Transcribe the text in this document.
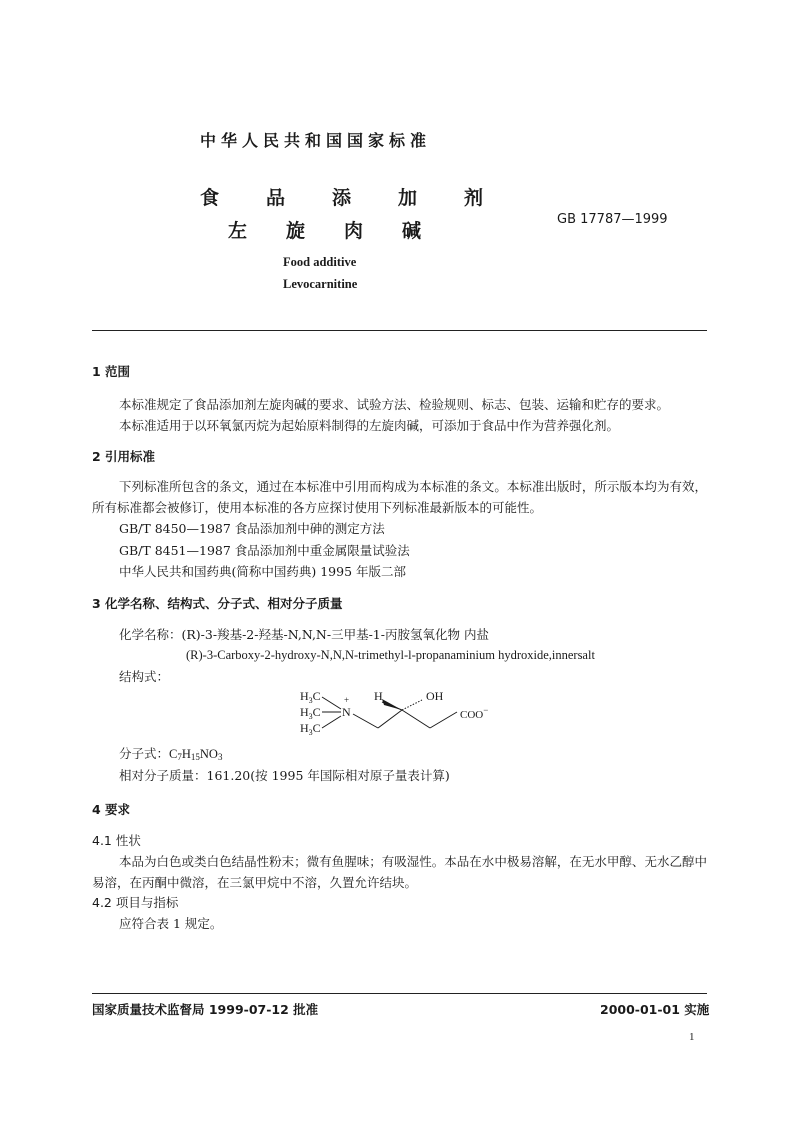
中华人民共和国国家标准
食 品 添 加 剂
左 旋 肉 碱
GB 17787—1999
Food additive
Levocarnitine
1 范围
本标准规定了食品添加剂左旋肉碱的要求、试验方法、检验规则、标志、包装、运输和贮存的要求。
本标准适用于以环氧氯丙烷为起始原料制得的左旋肉碱，可添加于食品中作为营养强化剂。
2 引用标准
下列标准所包含的条文，通过在本标准中引用而构成为本标准的条文。本标准出版时，所示版本均为有效，所有标准都会被修订，使用本标准的各方应探讨使用下列标准最新版本的可能性。
GB/T 8450—1987 食品添加剂中砷的测定方法
GB/T 8451—1987 食品添加剂中重金属限量试验法
中华人民共和国药典(简称中国药典) 1995 年版二部
3 化学名称、结构式、分子式、相对分子质量
化学名称：(R)-3-羧基-2-羟基-N,N,N-三甲基-1-丙胺氢氧化物 内盐
(R)-3-Carboxy-2-hydroxy-N,N,N-trimethyl-l-propanaminium hydroxide,innersalt
结构式：
$H_3C$
$H_3C$
$H_3C$
N
+ H	OH
COO−
分子式：$C_7H_{15}NO_3$
相对分子质量：161.20(按 1995 年国际相对原子量表计算)
4 要求
4.1 性状
本品为白色或类白色结晶性粉末；微有鱼腥味；有吸湿性。本品在水中极易溶解，在无水甲醇、无水乙醇中易溶，在丙酮中微溶，在三氯甲烷中不溶，久置允许结块。
4.2 项目与指标
应符合表 1 规定。
国家质量技术监督局 1999-07-12 批准	2000-01-01 实施
1
